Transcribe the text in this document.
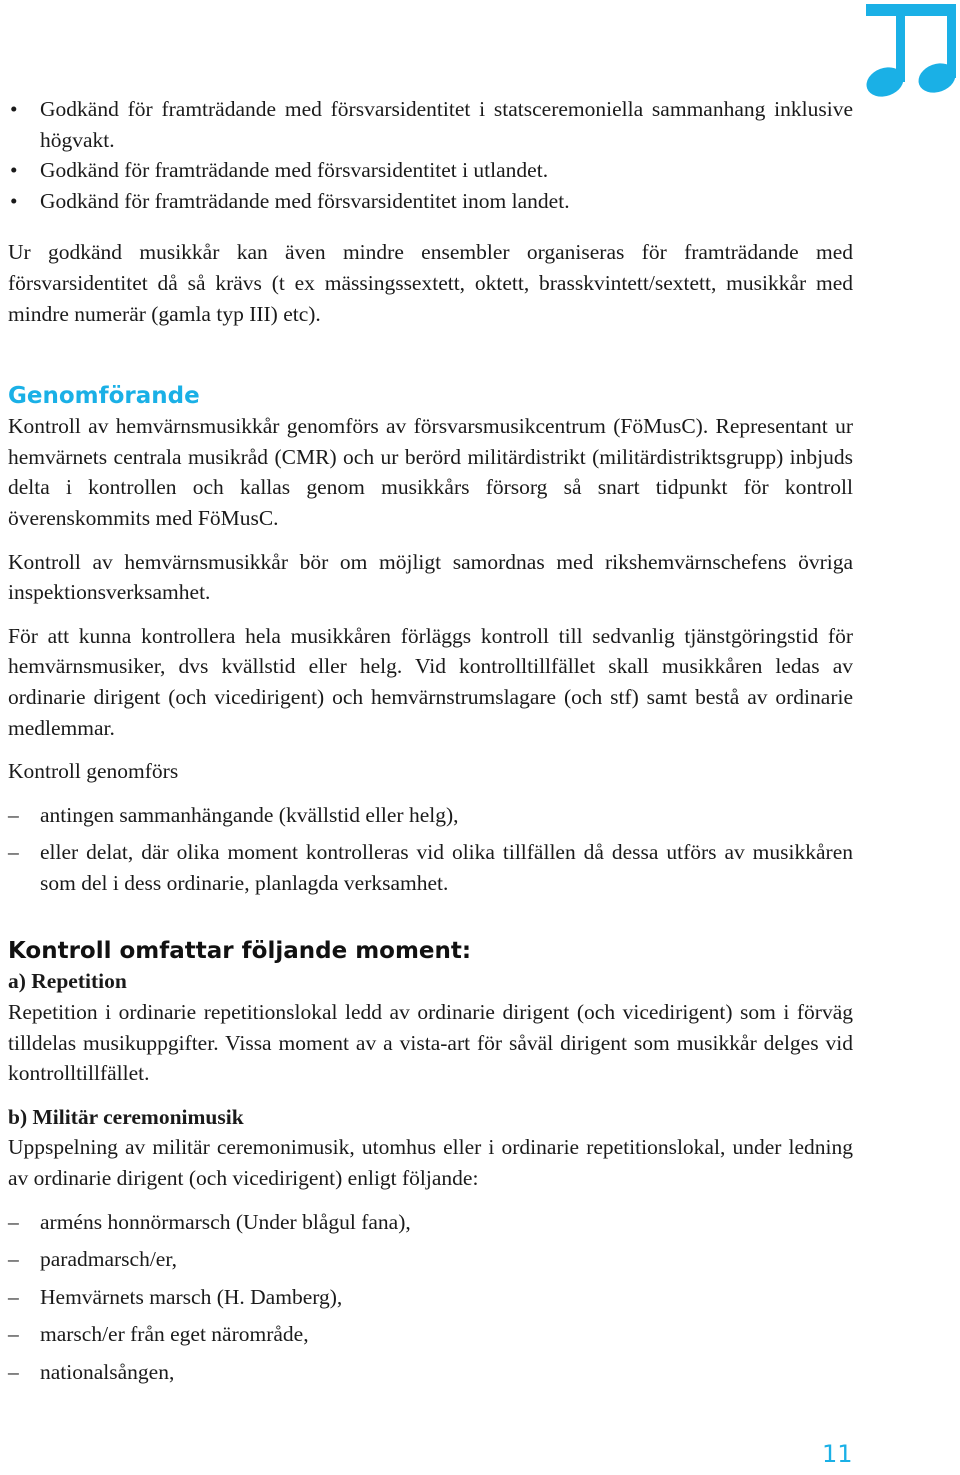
• Godkänd för framträdande med försvarsidentitet i statsceremoniella sammanhang inklusive högvakt.
• Godkänd för framträdande med försvarsidentitet i utlandet.
• Godkänd för framträdande med försvarsidentitet inom landet.

Ur godkänd musikkår kan även mindre ensembler organiseras för framträdande med försvarsidentitet då så krävs (t ex mässingssextett, oktett, brasskvintett/sextett, musikkår med mindre numerär (gamla typ III) etc).

Genomförande

Kontroll av hemvärnsmusikkår genomförs av försvarsmusikcentrum (FöMusC). Representant ur hemvärnets centrala musikråd (CMR) och ur berörd militärdistrikt (militärdistriktsgrupp) inbjuds delta i kontrollen och kallas genom musikkårs försorg så snart tidpunkt för kontroll överenskommits med FöMusC.

Kontroll av hemvärnsmusikkår bör om möjligt samordnas med rikshemvärnschefens övriga inspektionsverksamhet.

För att kunna kontrollera hela musikkåren förläggs kontroll till sedvanlig tjänstgöringstid för hemvärnsmusiker, dvs kvällstid eller helg. Vid kontrolltillfället skall musikkåren ledas av ordinarie dirigent (och vicedirigent) och hemvärnstrumslagare (och stf) samt bestå av ordinarie medlemmar.

Kontroll genomförs

– antingen sammanhängande (kvällstid eller helg),
– eller delat, där olika moment kontrolleras vid olika tillfällen då dessa utförs av musikkåren som del i dess ordinarie, planlagda verksamhet.
Kontroll omfattar följande moment:

a) Repetition

Repetition i ordinarie repetitionslokal ledd av ordinarie dirigent (och vicedirigent) som i förväg tilldelas musikuppgifter. Vissa moment av a vista-art för såväl dirigent som musikkår delges vid kontrolltillfället.

b) Militär ceremonimusik

Uppspelning av militär ceremonimusik, utomhus eller i ordinarie repetitionslokal, under ledning av ordinarie dirigent (och vicedirigent) enligt följande:

– arméns honnörmarsch (Under blågul fana),
– paradmarsch/er,
– Hemvärnets marsch (H. Damberg),
– marsch/er från eget närområde,
– nationalsången,
11
